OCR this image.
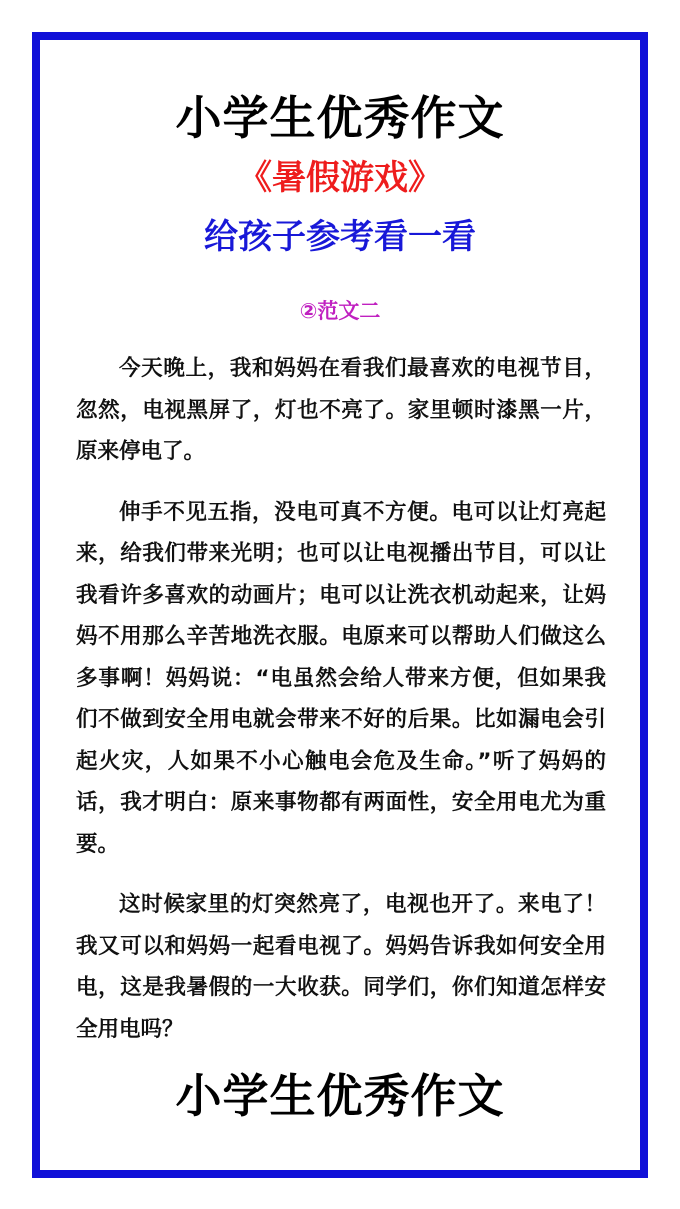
小学生优秀作文
《暑假游戏》
给孩子参考看一看
②范文二

今天晚上，我和妈妈在看我们最喜欢的电视节目，忽然，电视黑屏了，灯也不亮了。家里顿时漆黑一片，原来停电了。

伸手不见五指，没电可真不方便。电可以让灯亮起来，给我们带来光明；也可以让电视播出节目，可以让我看许多喜欢的动画片；电可以让洗衣机动起来，让妈妈不用那么辛苦地洗衣服。电原来可以帮助人们做这么多事啊！妈妈说：“电虽然会给人带来方便，但如果我们不做到安全用电就会带来不好的后果。比如漏电会引起火灾，人如果不小心触电会危及生命。”听了妈妈的话，我才明白：原来事物都有两面性，安全用电尤为重要。

这时候家里的灯突然亮了，电视也开了。来电了！我又可以和妈妈一起看电视了。妈妈告诉我如何安全用电，这是我暑假的一大收获。同学们，你们知道怎样安全用电吗？

小学生优秀作文
